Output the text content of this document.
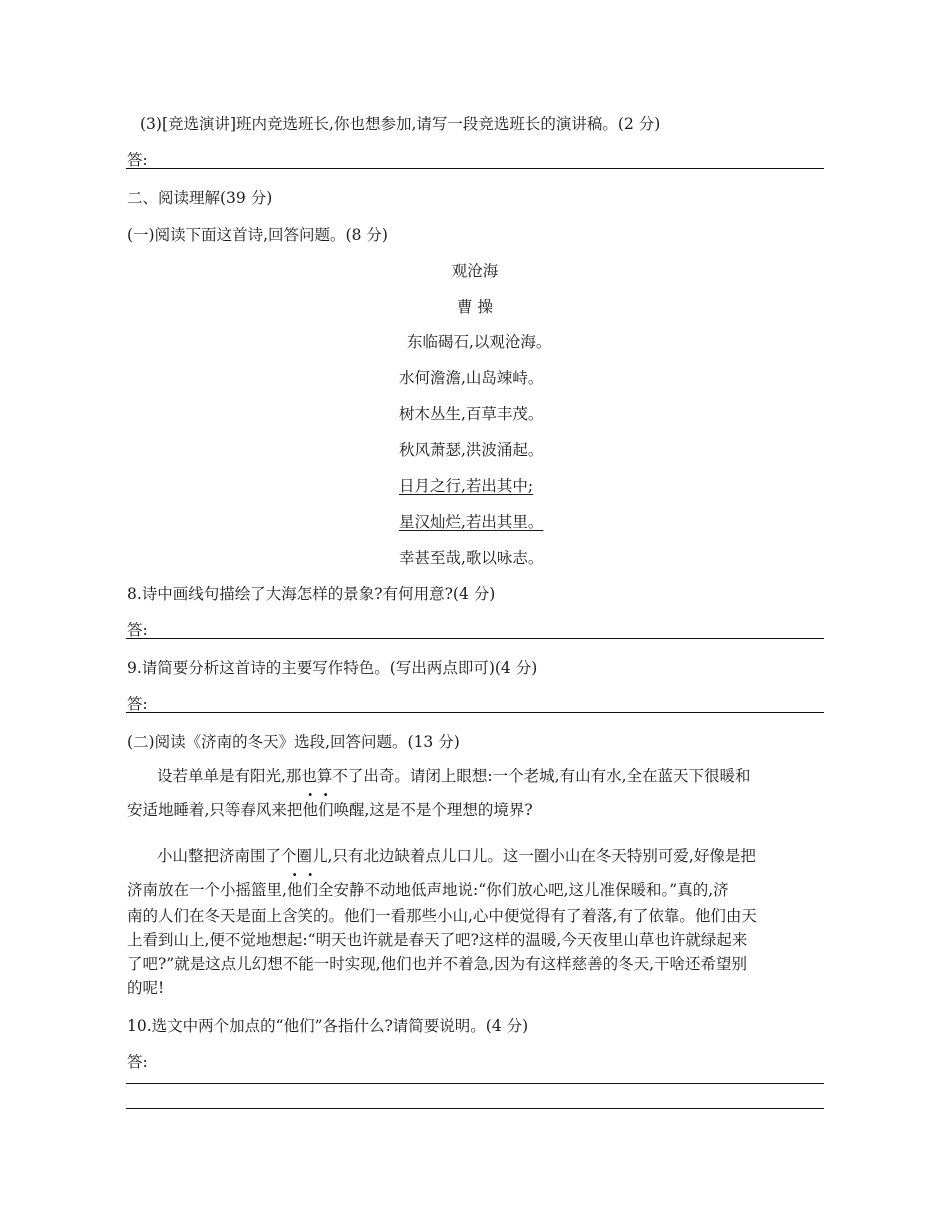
(3)[竞选演讲]班内竞选班长,你也想参加,请写一段竞选班长的演讲稿。(2 分)
答:
二、阅读理解(39 分)
(一)阅读下面这首诗,回答问题。(8 分)
观沧海
曹 操
东临碣石,以观沧海。
水何澹澹,山岛竦峙。
树木丛生,百草丰茂。
秋风萧瑟,洪波涌起。
日月之行,若出其中;
星汉灿烂,若出其里。
幸甚至哉,歌以咏志。
8.诗中画线句描绘了大海怎样的景象?有何用意?(4 分)
答:
9.请简要分析这首诗的主要写作特色。(写出两点即可)(4 分)
答:
(二)阅读《济南的冬天》选段,回答问题。(13 分)
设若单单是有阳光,那也算不了出奇。请闭上眼想:一个老城,有山有水,全在蓝天下很暖和
安适地睡着,只等春风来把他们唤醒,这是不是个理想的境界?
小山整把济南围了个圈儿,只有北边缺着点儿口儿。这一圈小山在冬天特别可爱,好像是把
济南放在一个小摇篮里,他们全安静不动地低声地说:“你们放心吧,这儿准保暖和。”真的,济
南的人们在冬天是面上含笑的。他们一看那些小山,心中便觉得有了着落,有了依靠。他们由天
上看到山上,便不觉地想起:“明天也许就是春天了吧?这样的温暖,今天夜里山草也许就绿起来
了吧?”就是这点儿幻想不能一时实现,他们也并不着急,因为有这样慈善的冬天,干啥还希望别
的呢!
10.选文中两个加点的“他们”各指什么?请简要说明。(4 分)
答:
